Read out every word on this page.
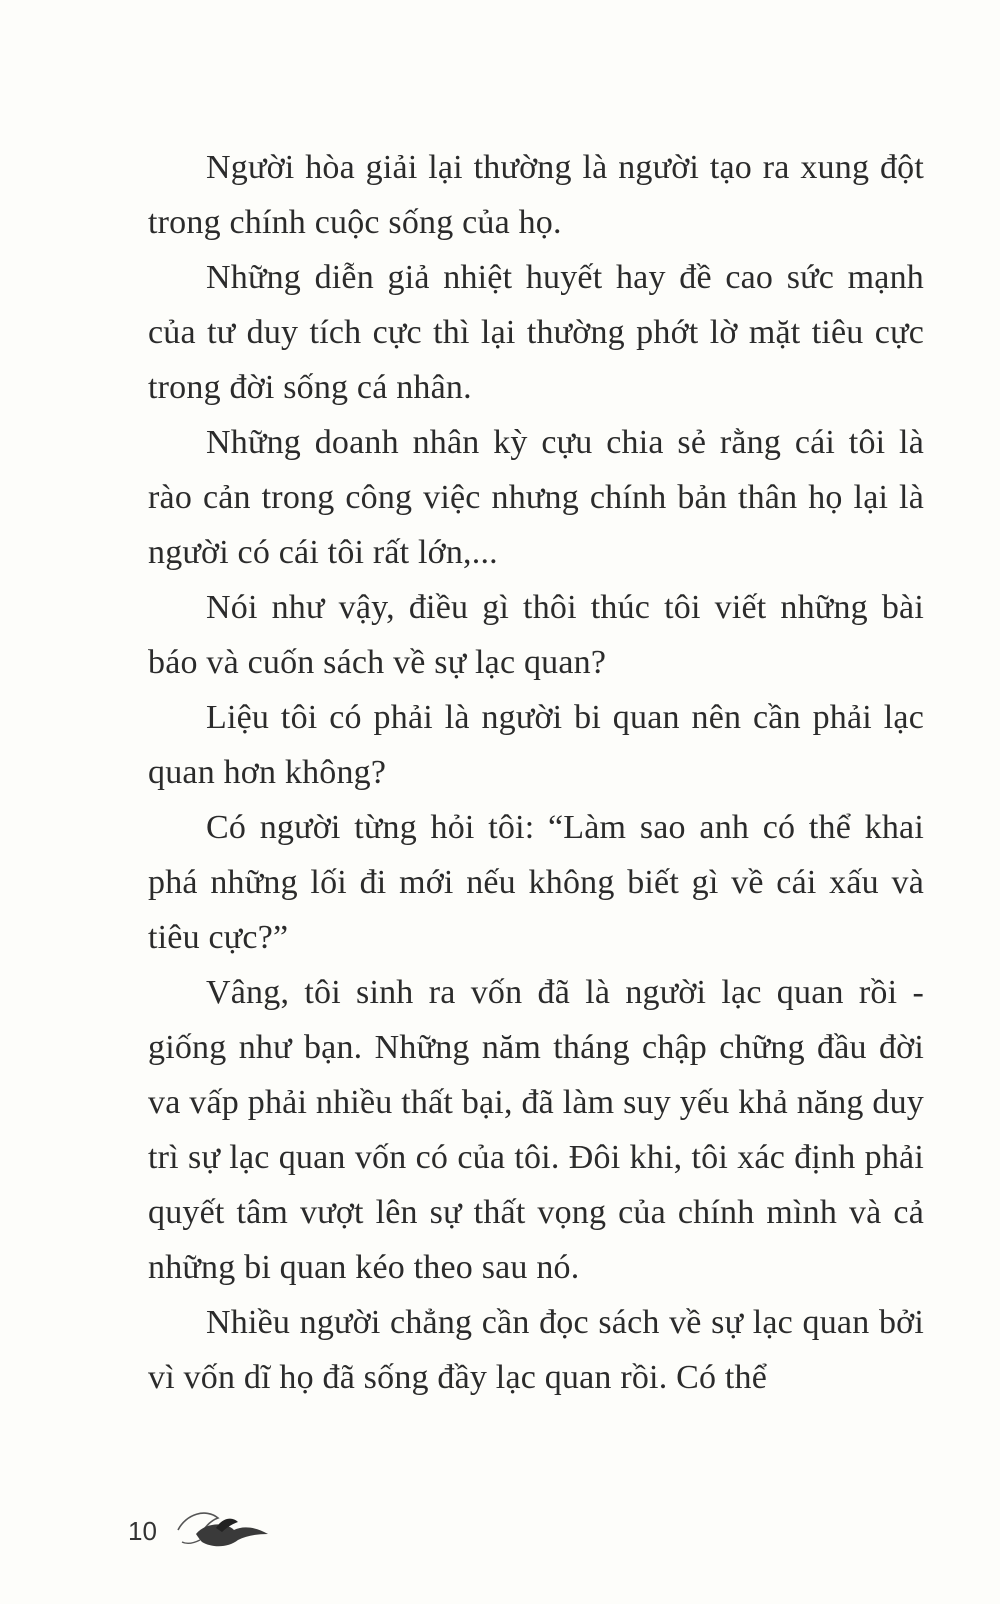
Người hòa giải lại thường là người tạo ra xung đột trong chính cuộc sống của họ.

Những diễn giả nhiệt huyết hay đề cao sức mạnh của tư duy tích cực thì lại thường phớt lờ mặt tiêu cực trong đời sống cá nhân.

Những doanh nhân kỳ cựu chia sẻ rằng cái tôi là rào cản trong công việc nhưng chính bản thân họ lại là người có cái tôi rất lớn,...

Nói như vậy, điều gì thôi thúc tôi viết những bài báo và cuốn sách về sự lạc quan?

Liệu tôi có phải là người bi quan nên cần phải lạc quan hơn không?

Có người từng hỏi tôi: “Làm sao anh có thể khai phá những lối đi mới nếu không biết gì về cái xấu và tiêu cực?”

Vâng, tôi sinh ra vốn đã là người lạc quan rồi - giống như bạn. Những năm tháng chập chững đầu đời va vấp phải nhiều thất bại, đã làm suy yếu khả năng duy trì sự lạc quan vốn có của tôi. Đôi khi, tôi xác định phải quyết tâm vượt lên sự thất vọng của chính mình và cả những bi quan kéo theo sau nó.

Nhiều người chẳng cần đọc sách về sự lạc quan bởi vì vốn dĩ họ đã sống đầy lạc quan rồi. Có thể

10
